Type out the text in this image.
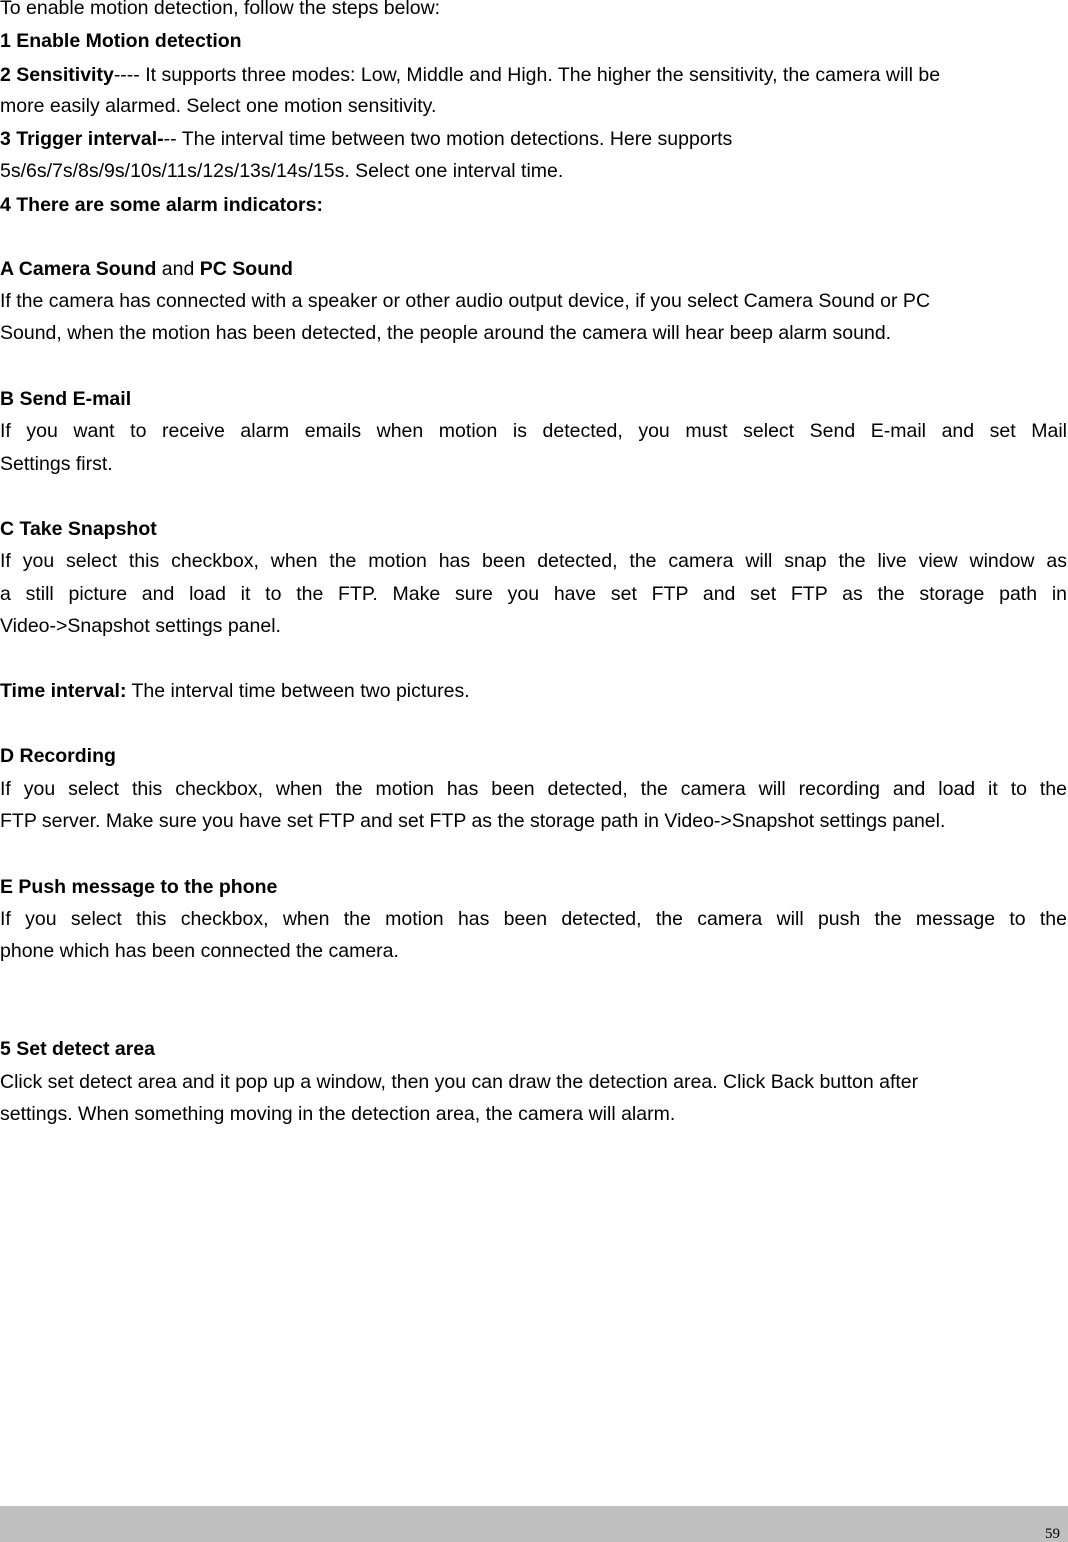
To enable motion detection, follow the steps below:
1 Enable Motion detection
2 Sensitivity---- It supports three modes: Low, Middle and High. The higher the sensitivity, the camera will be
more easily alarmed. Select one motion sensitivity.
3 Trigger interval--- The interval time between two motion detections. Here supports
5s/6s/7s/8s/9s/10s/11s/12s/13s/14s/15s. Select one interval time.
4 There are some alarm indicators:
A Camera Sound and PC Sound
If the camera has connected with a speaker or other audio output device, if you select Camera Sound or PC
Sound, when the motion has been detected, the people around the camera will hear beep alarm sound.
B Send E-mail
If you want to receive alarm emails when motion is detected, you must select Send E-mail and set Mail
Settings first.
C Take Snapshot
If you select this checkbox, when the motion has been detected, the camera will snap the live view window as
a still picture and load it to the FTP. Make sure you have set FTP and set FTP as the storage path in
Video->Snapshot settings panel.
Time interval: The interval time between two pictures.
D Recording
If you select this checkbox, when the motion has been detected, the camera will recording and load it to the
FTP server. Make sure you have set FTP and set FTP as the storage path in Video->Snapshot settings panel.
E Push message to the phone
If you select this checkbox, when the motion has been detected, the camera will push the message to the
phone which has been connected the camera.
5 Set detect area
Click set detect area and it pop up a window, then you can draw the detection area. Click Back button after
settings. When something moving in the detection area, the camera will alarm.
59
